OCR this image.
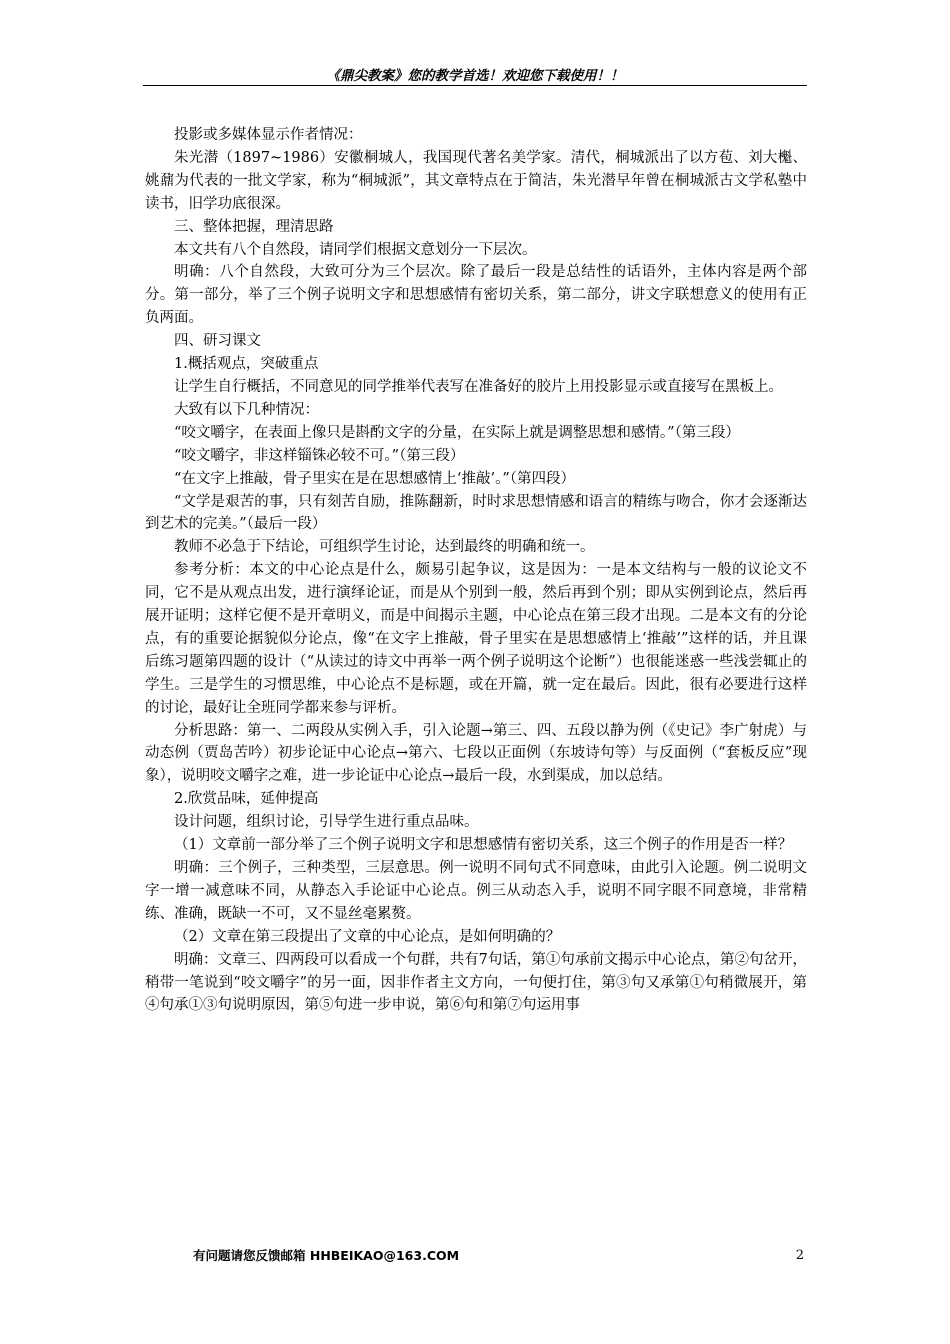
《鼎尖教案》您的教学首选！欢迎您下载使用！！

投影或多媒体显示作者情况：

朱光潜（1897~1986）安徽桐城人，我国现代著名美学家。清代，桐城派出了以方苞、刘大櫆、姚鼐为代表的一批文学家，称为“桐城派”，其文章特点在于简洁，朱光潜早年曾在桐城派古文学私塾中读书，旧学功底很深。

三、整体把握，理清思路

本文共有八个自然段，请同学们根据文意划分一下层次。

明确：八个自然段，大致可分为三个层次。除了最后一段是总结性的话语外，主体内容是两个部分。第一部分，举了三个例子说明文字和思想感情有密切关系，第二部分，讲文字联想意义的使用有正负两面。

四、研习课文

1.概括观点，突破重点

让学生自行概括，不同意见的同学推举代表写在准备好的胶片上用投影显示或直接写在黑板上。

大致有以下几种情况：

“咬文嚼字，在表面上像只是斟酌文字的分量，在实际上就是调整思想和感情。”（第三段）

“咬文嚼字，非这样锱铢必较不可。”（第三段）

“在文字上推敲，骨子里实在是在思想感情上‘推敲’。”（第四段）

“文学是艰苦的事，只有刻苦自励，推陈翻新，时时求思想情感和语言的精练与吻合，你才会逐渐达到艺术的完美。”（最后一段）

教师不必急于下结论，可组织学生讨论，达到最终的明确和统一。

参考分析：本文的中心论点是什么，颇易引起争议，这是因为：一是本文结构与一般的议论文不同，它不是从观点出发，进行演绎论证，而是从个别到一般，然后再到个别；即从实例到论点，然后再展开证明；这样它便不是开章明义，而是中间揭示主题，中心论点在第三段才出现。二是本文有的分论点，有的重要论据貌似分论点，像“在文字上推敲，骨子里实在是思想感情上‘推敲’”这样的话，并且课后练习题第四题的设计（“从读过的诗文中再举一两个例子说明这个论断”）也很能迷惑一些浅尝辄止的学生。三是学生的习惯思维，中心论点不是标题，或在开篇，就一定在最后。因此，很有必要进行这样的讨论，最好让全班同学都来参与评析。

分析思路：第一、二两段从实例入手，引入论题→第三、四、五段以静为例（《史记》李广射虎）与动态例（贾岛苦吟）初步论证中心论点→第六、七段以正面例（东坡诗句等）与反面例（“套板反应”现象），说明咬文嚼字之难，进一步论证中心论点→最后一段，水到渠成，加以总结。

2.欣赏品味，延伸提高

设计问题，组织讨论，引导学生进行重点品味。

（1）文章前一部分举了三个例子说明文字和思想感情有密切关系，这三个例子的作用是否一样？

明确：三个例子，三种类型，三层意思。例一说明不同句式不同意味，由此引入论题。例二说明文字一增一减意味不同，从静态入手论证中心论点。例三从动态入手，说明不同字眼不同意境，非常精练、准确，既缺一不可，又不显丝毫累赘。

（2）文章在第三段提出了文章的中心论点，是如何明确的？

明确：文章三、四两段可以看成一个句群，共有7句话，第①句承前文揭示中心论点，第②句岔开，稍带一笔说到“咬文嚼字”的另一面，因非作者主文方向，一句便打住，第③句又承第①句稍微展开，第④句承①③句说明原因，第⑤句进一步申说，第⑥句和第⑦句运用事

有问题请您反馈邮箱 HHBEIKAO@163.COM	2
